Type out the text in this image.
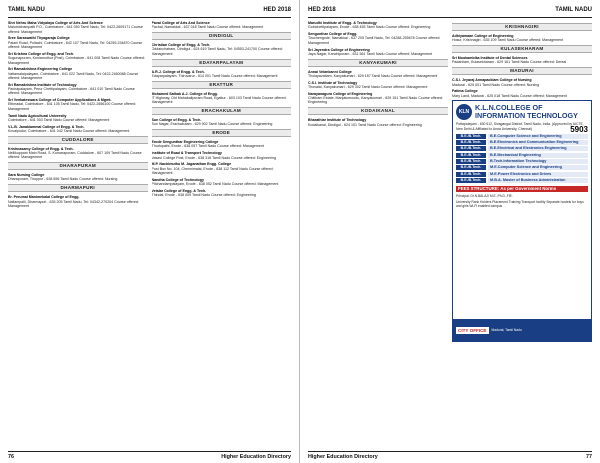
TAMIL NADU	HED 2018
Shri Nehru Maha Vidyalaya College of Arts And Science
Malumichampatti P.O., Coimbatore - 641 050 Tamil Nadu, Tel: 0422-2609171 Course offered: Management
Sree Saraswathi Thyagaraja College
Palani Road, Pollachi, Coimbatore - 642 107 Tamil Nadu, Tel: 04259-234870 Course offered: Management
Sri Krishna College of Engg. and Tech.
Sugunapuram, Kuniamuthur (Post), Coimbatore - 641 008 Tamil Nadu Course offered: Management
Sri Ramakrishna Engineering College
Vattamalaipalayam, Coimbatore - 641 022 Tamil Nadu, Tel: 0422-2460088 Course offered: Management
Sri Ramakrishna Institute of Technology
Pachapalayam, Perur Chettipalayam, Coimbatore - 641 010 Tamil Nadu Course offered: Management
Sri Venkateswara College of Computer Applications & Mgmt.
Ettimadai, Coimbatore - 641 105 Tamil Nadu, Tel: 0422-2656100 Course offered: Management
Tamil Nadu Agricultural University
Coimbatore - 641 003 Tamil Nadu Course offered: Management
V.L.B. Janakiammal College of Engg. & Tech.
Kovaipudur, Coimbatore - 641 042 Tamil Nadu Course offered: Management
CUDDALORE
Krishnasamy College of Engg. & Tech.
Nellikuppam Main Road, S. Kumarapuram, Cuddalore - 607 109 Tamil Nadu Course offered: Management
DHARAPURAM
Sara Nursing College
Dharapuram, Tiruppur - 638 656 Tamil Nadu Course offered: Nursing
DHARMAPURI
Er. Perumal Manimekalai College of Engg.
Nallampalli, Dharmapuri - 635 205 Tamil Nadu, Tel: 04342-270204 Course offered: Management
Pavai College of Arts And Science
Pachal, Namakkal - 637 018 Tamil Nadu Course offered: Management
DINDIGUL
Christian College of Engg. & Tech.
Oddanchatram, Dindigul - 624 619 Tamil Nadu, Tel: 04553-241700 Course offered: Management
EDAYARPALAYAM
A.R.J. College of Engg. & Tech.
Edayarpalayam, Thiruvarur - 614 001 Tamil Nadu Course offered: Management
ERATTUR
Mohamed Sathak A.J. College of Engg.
IT Highway, Old Mahabalipuram Road, Egattur - 603 103 Tamil Nadu Course offered: Management
ERACHAKULAM
Sun College of Engg. & Tech.
Sun Nagar, Erachakulam - 629 902 Tamil Nadu Course offered: Engineering
ERODE
Erode Sengunthar Engineering College
Thudupathi, Erode - 638 057 Tamil Nadu Course offered: Management
Institute of Road & Transport Technology
Vasavi College Post, Erode - 638 316 Tamil Nadu Course offered: Engineering
M.P. Nachimuthu M. Jaganathan Engg. College
Post Box No. 104, Chennimalai, Erode - 638 112 Tamil Nadu Course offered: Management
Nandha College of Technology
Pitchandampalayam, Erode - 638 052 Tamil Nadu Course offered: Management
Velalar College of Engg. & Tech.
Thindal, Erode - 638 009 Tamil Nadu Course offered: Engineering
76	Higher Education Directory
HED 2018	TAMIL NADU
Marudhi Institute of Engg. & Technology
Gobichettipalayam, Erode - 638 455 Tamil Nadu Course offered: Engineering
Sengunthar College of Engg.
Tiruchengode, Namakkal - 637 205 Tamil Nadu, Tel: 04288-255678 Course offered: Management
Sri Jayendra College of Engineering
Jaya Nagar, Kanchipuram - 631 561 Tamil Nadu Course offered: Management
KANYAKUMARI
Annai Velankanni College
Tholayavattam, Kanyakumari - 629 157 Tamil Nadu Course offered: Management
C.S.I. Institute of Technology
Thovalai, Kanyakumari - 629 302 Tamil Nadu Course offered: Management
Narayanaguru College of Engineering
Chittiram Estate, Manjalumoodu, Kanyakumari - 629 151 Tamil Nadu Course offered: Engineering
KODAIKANAL
Bharathiar Institute of Technology
Kodaikanal, Dindigul - 624 101 Tamil Nadu Course offered: Engineering
KRISHNAGIRI
Adhiyamaan College of Engineering
Hosur, Krishnagiri - 635 109 Tamil Nadu Course offered: Management
KULASEKHARAM
Sri Mookambika Institute of Dental Sciences
Padanilam, Kulasekharam - 629 161 Tamil Nadu Course offered: Dental
MADURAI
C.S.I. Jeyaraj Annapackiam College of Nursing
Madurai - 625 001 Tamil Nadu Course offered: Nursing
Fatima College
Mary Land, Madurai - 625 018 Tamil Nadu Course offered: Management
KLN K.L.N.COLLEGE OF INFORMATION TECHNOLOGY
Pottapalayam - 630 612, Sivagangai District, Tamil Nadu, India. (Approved by AICTE, New Delhi & Affiliated to Anna University, Chennai)	5903
B.E./B.Tech.	B.E.Computer Science and Engineering
B.E./B.Tech.	B.E.Electronics and Communication Engineering
B.E./B.Tech.	B.E.Electrical and Electronics Engineering
B.E./B.Tech.	B.E.Mechanical Engineering
B.E./B.Tech.	B.Tech.Information Technology
B.E./B.Tech.	M.E.Computer Science and Engineering
B.E./B.Tech.	M.E.Power Electronics and Drives
B.E./B.Tech.	M.B.A. Master of Business Administration
FEES STRUCTURE: As per Government Norms
Principal: Dr.N.BALAJI M.E.,Ph.D.,FIE.
University Rank Holders Placement Training Transport facility Separate hostels for boys and girls Wi-Fi enabled campus
CITY OFFICE	Madurai, Tamil Nadu
Higher Education Directory	77
